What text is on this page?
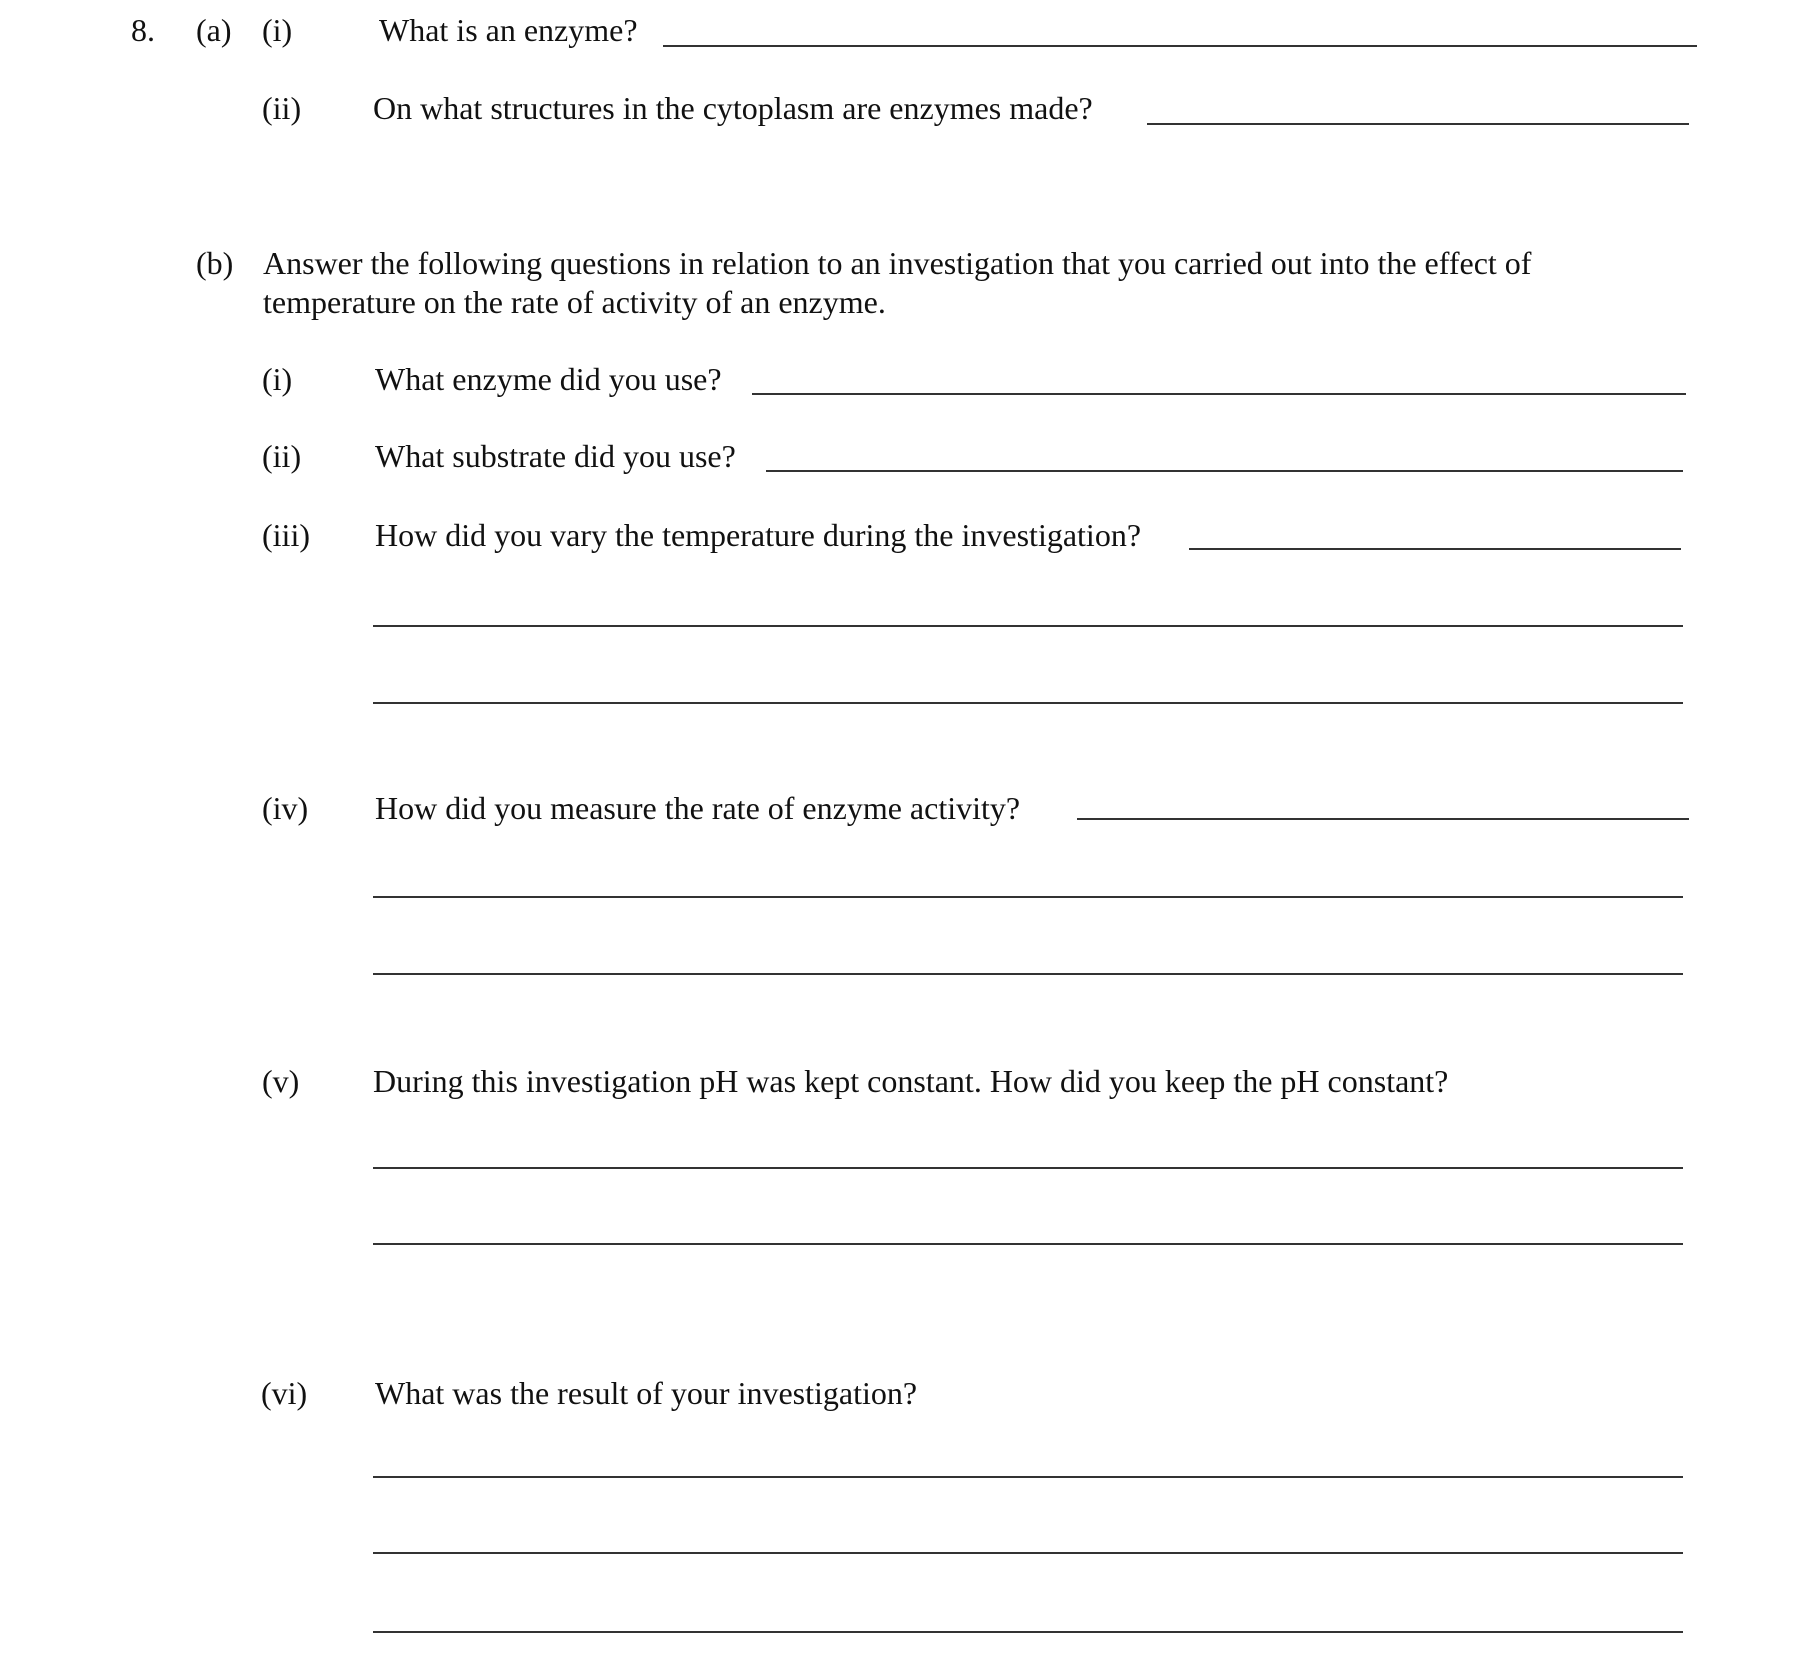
8. (a) (i)	What is an enzyme?
(ii) On what structures in the cytoplasm are enzymes made?
(b) Answer the following questions in relation to an investigation that you carried out into the effect of
temperature on the rate of activity of an enzyme.
(i)	What enzyme did you use?
(ii) What substrate did you use?
(iii) How did you vary the temperature during the investigation?
(iv) How did you measure the rate of enzyme activity?
(v) During this investigation pH was kept constant. How did you keep the pH constant?
(vi) What was the result of your investigation?
